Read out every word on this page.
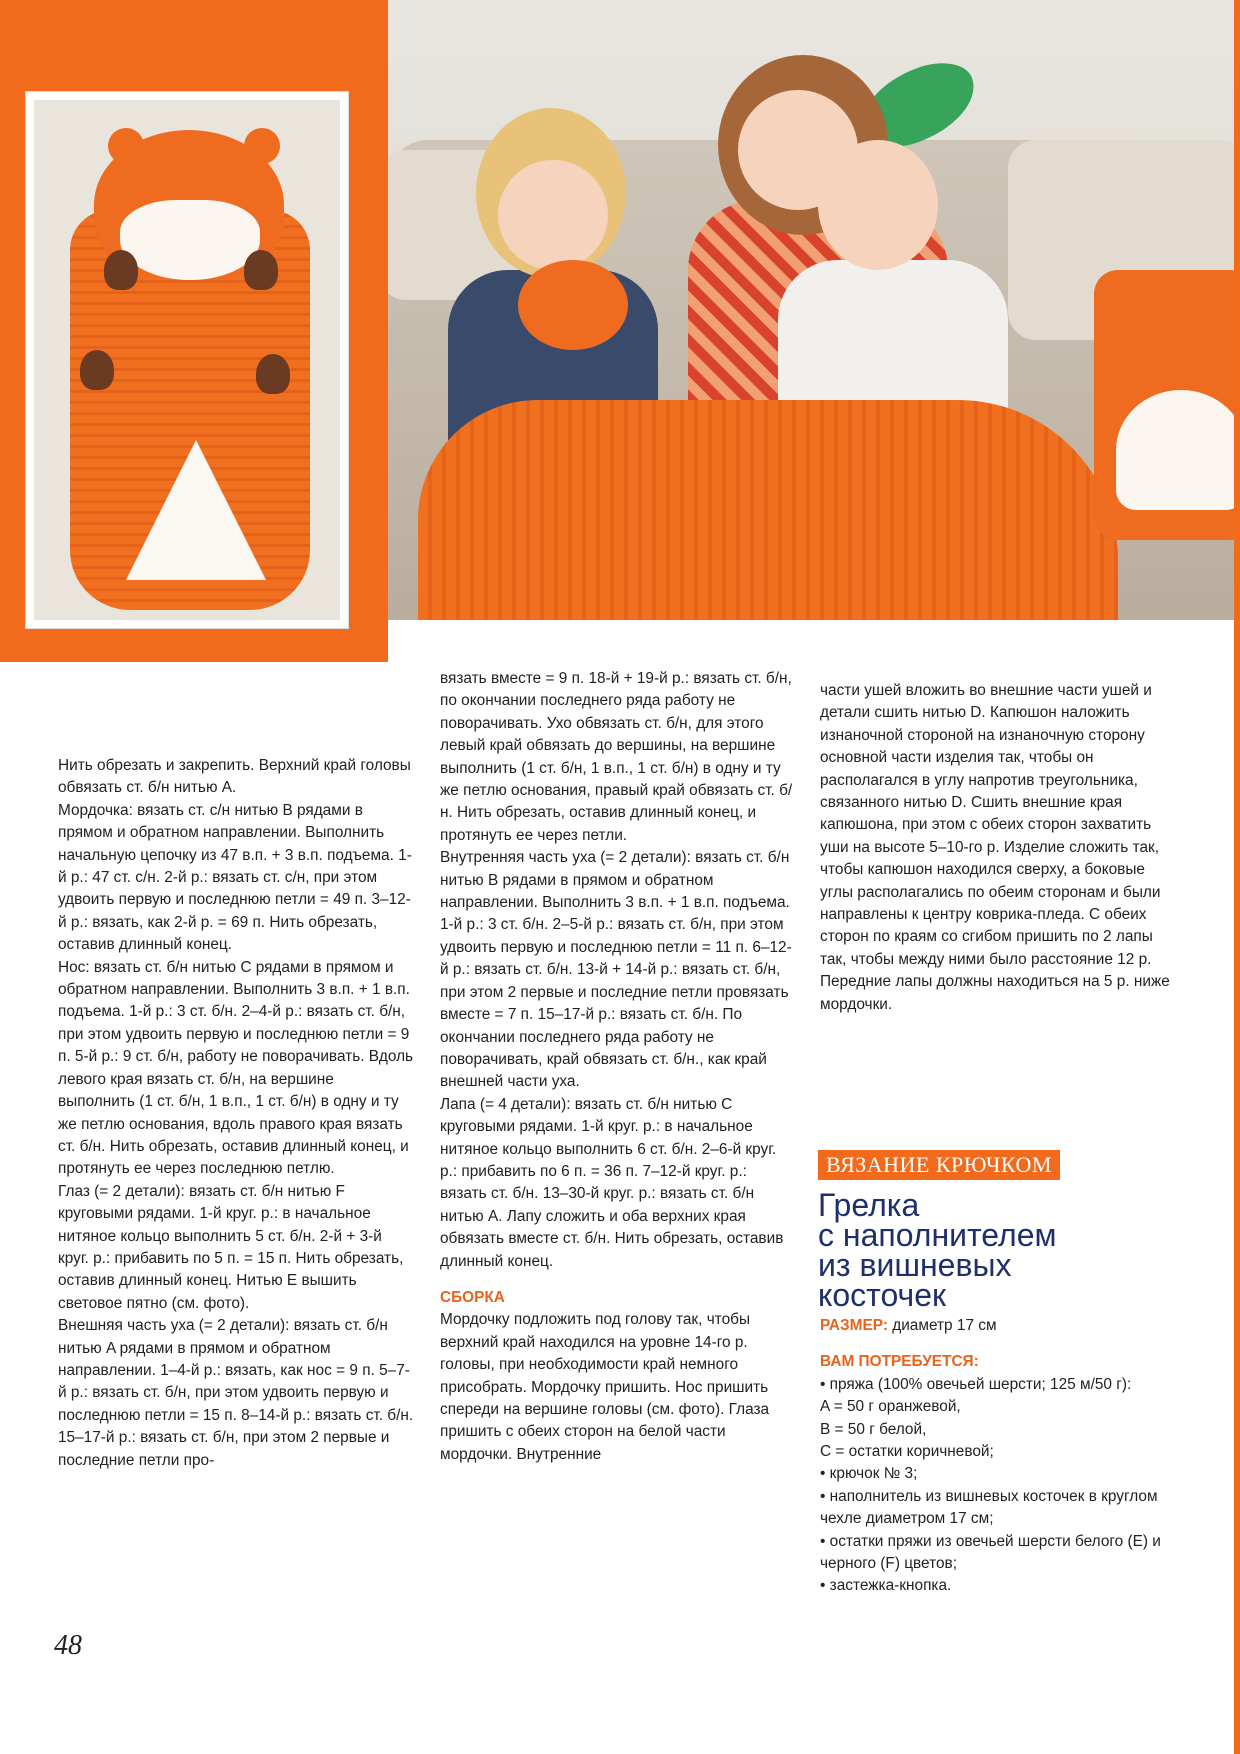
Нить обрезать и закрепить. Верхний край головы обвязать ст. б/н нитью A.

Мордочка: вязать ст. с/н нитью B рядами в прямом и обратном направлении. Выполнить начальную цепочку из 47 в.п. + 3 в.п. подъема. 1-й р.: 47 ст. с/н. 2-й р.: вязать ст. с/н, при этом удвоить первую и последнюю петли = 49 п. 3–12-й р.: вязать, как 2-й р. = 69 п. Нить обрезать, оставив длинный конец.

Нос: вязать ст. б/н нитью C рядами в прямом и обратном направлении. Выполнить 3 в.п. + 1 в.п. подъема. 1-й р.: 3 ст. б/н. 2–4-й р.: вязать ст. б/н, при этом удвоить первую и последнюю петли = 9 п. 5-й р.: 9 ст. б/н, работу не поворачивать. Вдоль левого края вязать ст. б/н, на вершине выполнить (1 ст. б/н, 1 в.п., 1 ст. б/н) в одну и ту же петлю основания, вдоль правого края вязать ст. б/н. Нить обрезать, оставив длинный конец, и протянуть ее через последнюю петлю.

Глаз (= 2 детали): вязать ст. б/н нитью F круговыми рядами. 1-й круг. р.: в начальное нитяное кольцо выполнить 5 ст. б/н. 2-й + 3-й круг. р.: прибавить по 5 п. = 15 п. Нить обрезать, оставив длинный конец. Нитью E вышить световое пятно (см. фото).

Внешняя часть уха (= 2 детали): вязать ст. б/н нитью A рядами в прямом и обратном направлении. 1–4-й р.: вязать, как нос = 9 п. 5–7-й р.: вязать ст. б/н, при этом удвоить первую и последнюю петли = 15 п. 8–14-й р.: вязать ст. б/н. 15–17-й р.: вязать ст. б/н, при этом 2 первые и последние петли про-

вязать вместе = 9 п. 18-й + 19-й р.: вязать ст. б/н, по окончании последнего ряда работу не поворачивать. Ухо обвязать ст. б/н, для этого левый край обвязать до вершины, на вершине выполнить (1 ст. б/н, 1 в.п., 1 ст. б/н) в одну и ту же петлю основания, правый край обвязать ст. б/н. Нить обрезать, оставив длинный конец, и протянуть ее через петли.

Внутренняя часть уха (= 2 детали): вязать ст. б/н нитью B рядами в прямом и обратном направлении. Выполнить 3 в.п. + 1 в.п. подъема. 1-й р.: 3 ст. б/н. 2–5-й р.: вязать ст. б/н, при этом удвоить первую и последнюю петли = 11 п. 6–12-й р.: вязать ст. б/н. 13-й + 14-й р.: вязать ст. б/н, при этом 2 первые и последние петли провязать вместе = 7 п. 15–17-й р.: вязать ст. б/н. По окончании последнего ряда работу не поворачивать, край обвязать ст. б/н., как край внешней части уха.

Лапа (= 4 детали): вязать ст. б/н нитью C круговыми рядами. 1-й круг. р.: в начальное нитяное кольцо выполнить 6 ст. б/н. 2–6-й круг. р.: прибавить по 6 п. = 36 п. 7–12-й круг. р.: вязать ст. б/н. 13–30-й круг. р.: вязать ст. б/н нитью A. Лапу сложить и оба верхних края обвязать вместе ст. б/н. Нить обрезать, оставив длинный конец.

СБОРКА

Мордочку подложить под голову так, чтобы верхний край находился на уровне 14-го р. головы, при необходимости край немного присобрать. Мордочку пришить. Нос пришить спереди на вершине головы (см. фото). Глаза пришить с обеих сторон на белой части мордочки. Внутренние

части ушей вложить во внешние части ушей и детали сшить нитью D. Капюшон наложить изнаночной стороной на изнаночную сторону основной части изделия так, чтобы он располагался в углу напротив треугольника, связанного нитью D. Сшить внешние края капюшона, при этом с обеих сторон захватить уши на высоте 5–10-го р. Изделие сложить так, чтобы капюшон находился сверху, а боковые углы располагались по обеим сторонам и были направлены к центру коврика-пледа. С обеих сторон по краям со сгибом пришить по 2 лапы так, чтобы между ними было расстояние 12 р. Передние лапы должны находиться на 5 р. ниже мордочки.

ВЯЗАНИЕ КРЮЧКОМ
Грелка
с наполнителем
из вишневых
косточек

РАЗМЕР: диаметр 17 см

ВАМ ПОТРЕБУЕТСЯ:

• пряжа (100% овечьей шерсти; 125 м/50 г):

A = 50 г оранжевой,

B = 50 г белой,

C = остатки коричневой;

• крючок № 3;

• наполнитель из вишневых косточек в круглом чехле диаметром 17 см;

• остатки пряжи из овечьей шерсти белого (E) и черного (F) цветов;

• застежка-кнопка.

48
